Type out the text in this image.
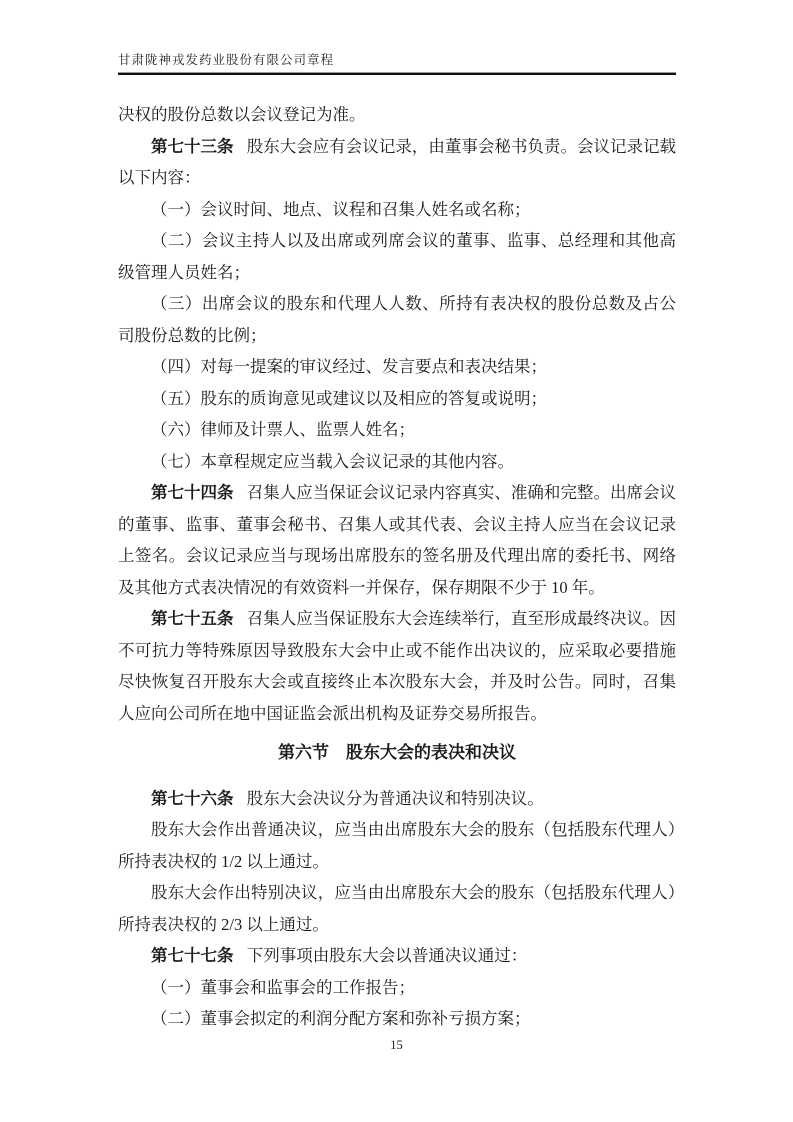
甘肃陇神戎发药业股份有限公司章程

决权的股份总数以会议登记为准。

第七十三条 股东大会应有会议记录，由董事会秘书负责。会议记录记载以下内容：

（一）会议时间、地点、议程和召集人姓名或名称；

（二）会议主持人以及出席或列席会议的董事、监事、总经理和其他高级管理人员姓名；

（三）出席会议的股东和代理人人数、所持有表决权的股份总数及占公司股份总数的比例；

（四）对每一提案的审议经过、发言要点和表决结果；

（五）股东的质询意见或建议以及相应的答复或说明；

（六）律师及计票人、监票人姓名；

（七）本章程规定应当载入会议记录的其他内容。

第七十四条 召集人应当保证会议记录内容真实、准确和完整。出席会议的董事、监事、董事会秘书、召集人或其代表、会议主持人应当在会议记录上签名。会议记录应当与现场出席股东的签名册及代理出席的委托书、网络及其他方式表决情况的有效资料一并保存，保存期限不少于 10 年。

第七十五条 召集人应当保证股东大会连续举行，直至形成最终决议。因不可抗力等特殊原因导致股东大会中止或不能作出决议的，应采取必要措施尽快恢复召开股东大会或直接终止本次股东大会，并及时公告。同时，召集人应向公司所在地中国证监会派出机构及证券交易所报告。

第六节　股东大会的表决和决议

第七十六条 股东大会决议分为普通决议和特别决议。

股东大会作出普通决议，应当由出席股东大会的股东（包括股东代理人）所持表决权的 1/2 以上通过。

股东大会作出特别决议，应当由出席股东大会的股东（包括股东代理人）所持表决权的 2/3 以上通过。

第七十七条 下列事项由股东大会以普通决议通过：

（一）董事会和监事会的工作报告；

（二）董事会拟定的利润分配方案和弥补亏损方案；

15
